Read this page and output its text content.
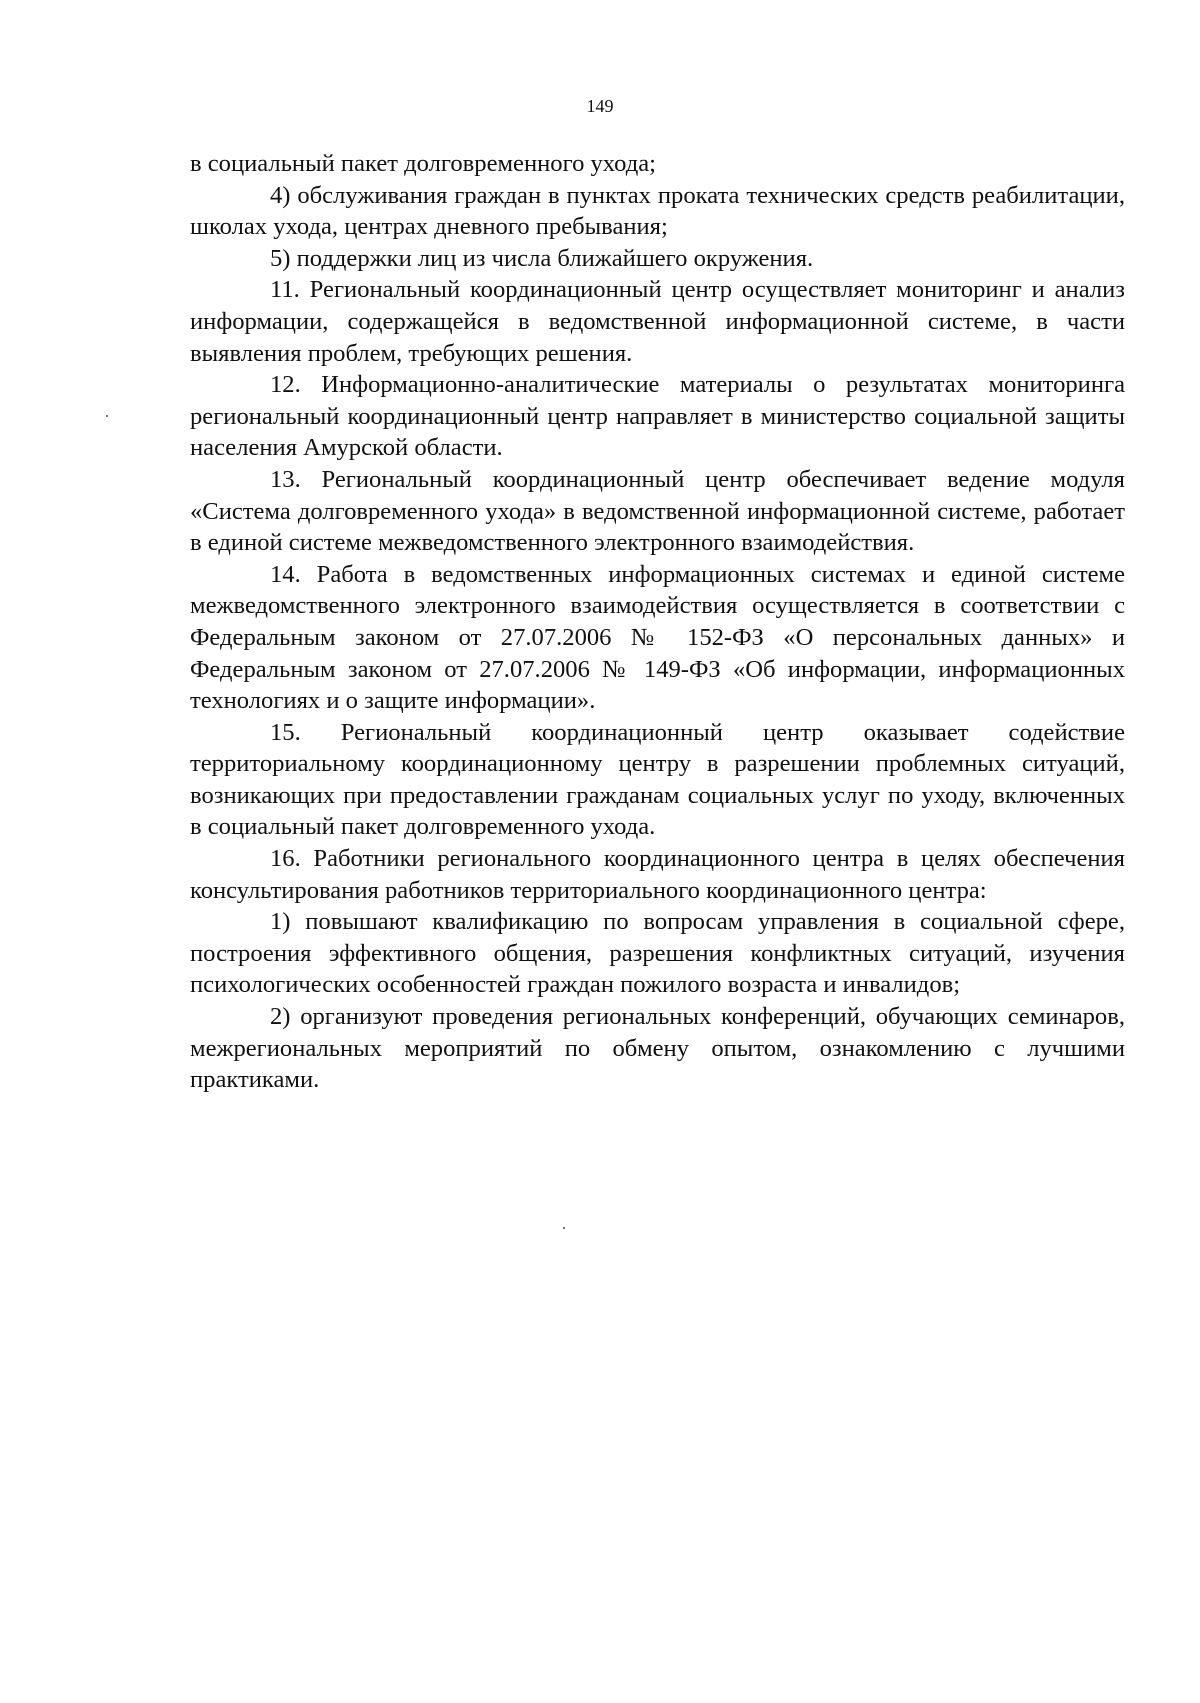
149

в социальный пакет долговременного ухода;

4) обслуживания граждан в пунктах проката технических средств реабилитации, школах ухода, центрах дневного пребывания;

5) поддержки лиц из числа ближайшего окружения.

11. Региональный координационный центр осуществляет мониторинг и анализ информации, содержащейся в ведомственной информационной системе, в части выявления проблем, требующих решения.

12. Информационно-аналитические материалы о результатах мониторинга региональный координационный центр направляет в министерство социальной защиты населения Амурской области.

13. Региональный координационный центр обеспечивает ведение модуля «Система долговременного ухода» в ведомственной информационной системе, работает в единой системе межведомственного электронного взаимодействия.

14. Работа в ведомственных информационных системах и единой системе межведомственного электронного взаимодействия осуществляется в соответствии с Федеральным законом от 27.07.2006 № 152-ФЗ «О персональных данных» и Федеральным законом от 27.07.2006 № 149-ФЗ «Об информации, информационных технологиях и о защите информации».

15. Региональный координационный центр оказывает содействие территориальному координационному центру в разрешении проблемных ситуаций, возникающих при предоставлении гражданам социальных услуг по уходу, включенных в социальный пакет долговременного ухода.

16. Работники регионального координационного центра в целях обеспечения консультирования работников территориального координационного центра:

1) повышают квалификацию по вопросам управления в социальной сфере, построения эффективного общения, разрешения конфликтных ситуаций, изучения психологических особенностей граждан пожилого возраста и инвалидов;

2) организуют проведения региональных конференций, обучающих семинаров, межрегиональных мероприятий по обмену опытом, ознакомлению с лучшими практиками.
